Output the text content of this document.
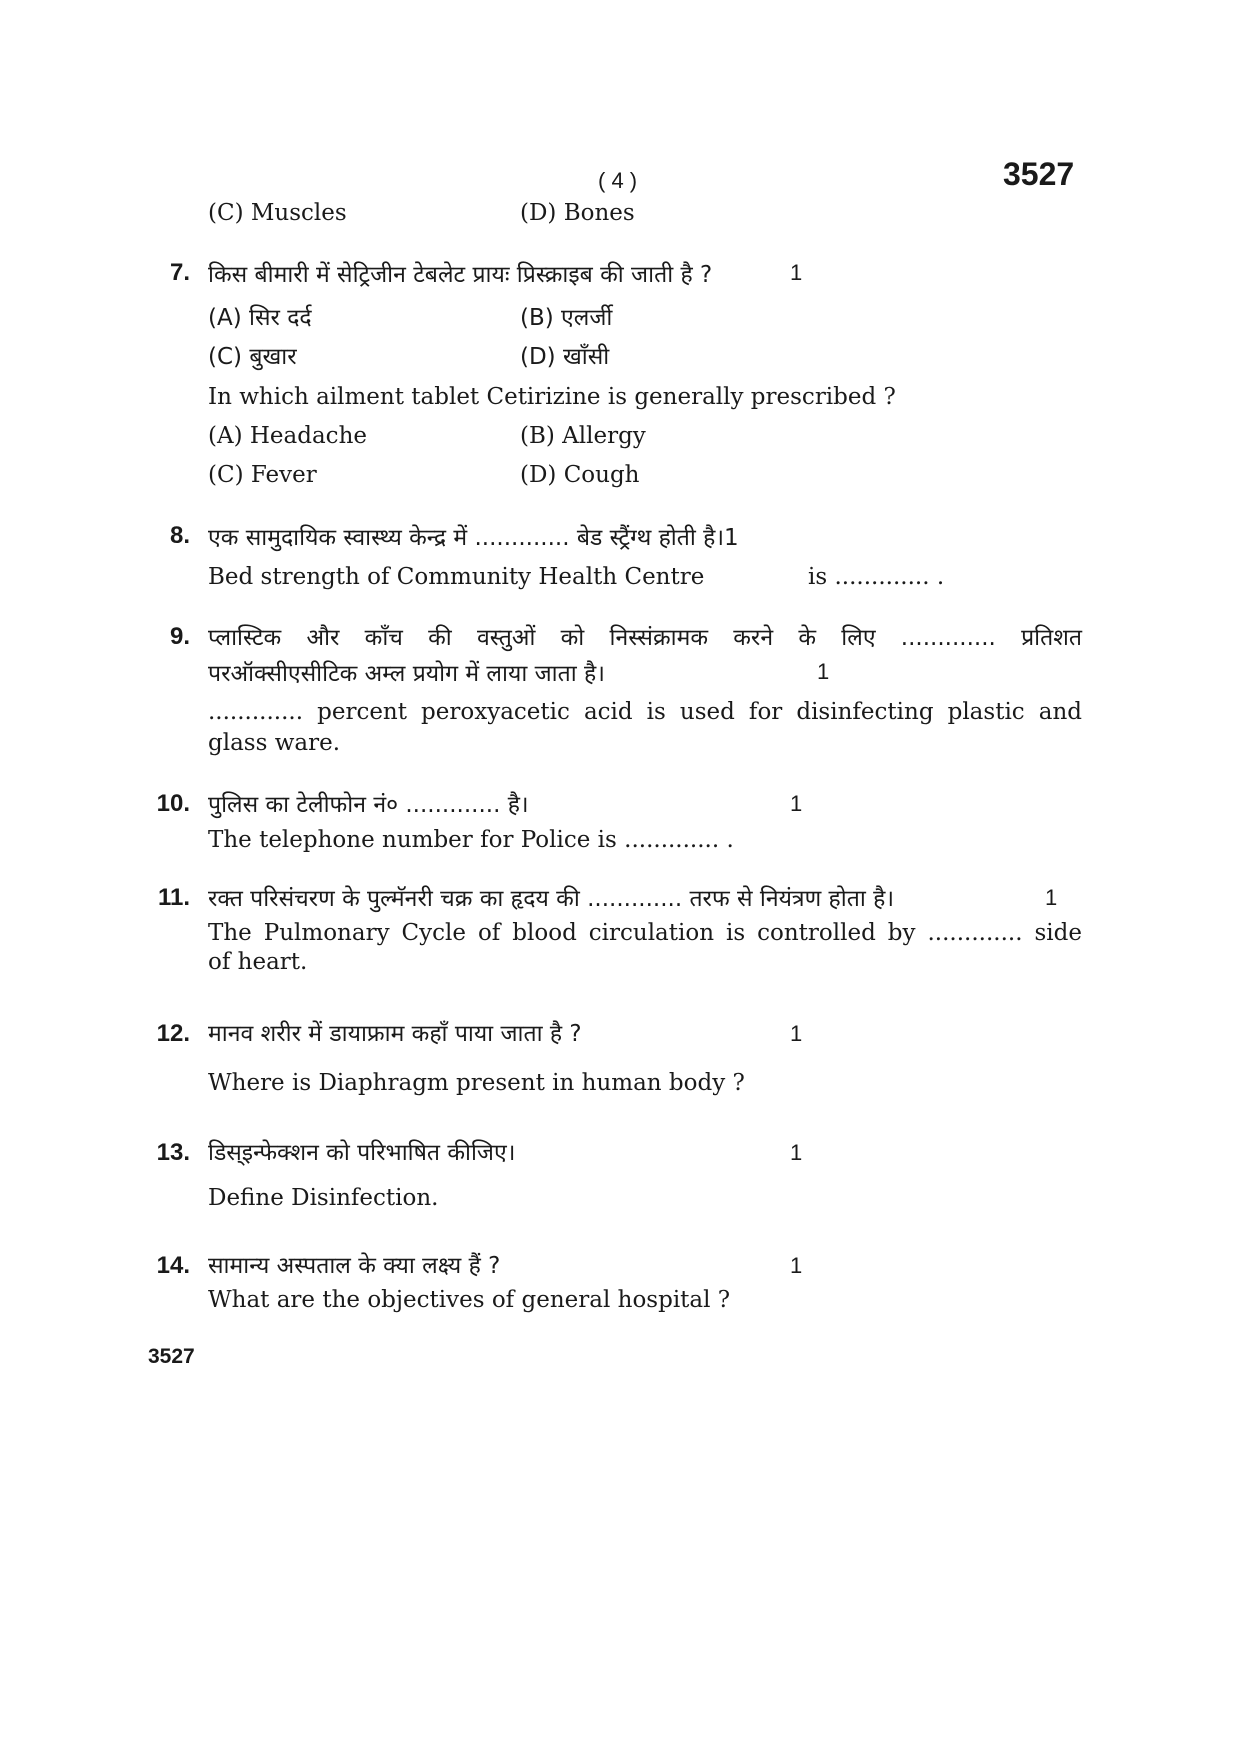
( 4 )	3527
(C) Muscles	(D) Bones
7. किस बीमारी में सेट्रिजीन टेबलेट प्रायः प्रिस्क्राइब की जाती है ?	1
(A) सिर दर्द	(B) एलर्जी
(C) बुखार	(D) खाँसी
In which ailment tablet Cetirizine is generally prescribed ?
(A) Headache	(B) Allergy
(C) Fever	(D) Cough
8. एक सामुदायिक स्वास्थ्य केन्द्र में ............. बेड स्ट्रैंग्थ होती है।1
Bed strength of Community Health Centre	is ............. .
9. प्लास्टिक और काँच की वस्तुओं को निस्संक्रामक करने के लिए ............. प्रतिशत
परऑक्सीएसीटिक अम्ल प्रयोग में लाया जाता है।	1
............. percent peroxyacetic acid is used for disinfecting plastic and
glass ware.
10. पुलिस का टेलीफोन नं० ............. है।	1
The telephone number for Police is ............. .
11. रक्त परिसंचरण के पुल्मॅनरी चक्र का हृदय की ............. तरफ से नियंत्रण होता है।	1
The Pulmonary Cycle of blood circulation is controlled by ............. side
of heart.
12. मानव शरीर में डायाफ्राम कहाँ पाया जाता है ?	1
Where is Diaphragm present in human body ?
13. डिस्इन्फेक्शन को परिभाषित कीजिए।	1
Define Disinfection.
14. सामान्य अस्पताल के क्या लक्ष्य हैं ?	1
What are the objectives of general hospital ?
3527
